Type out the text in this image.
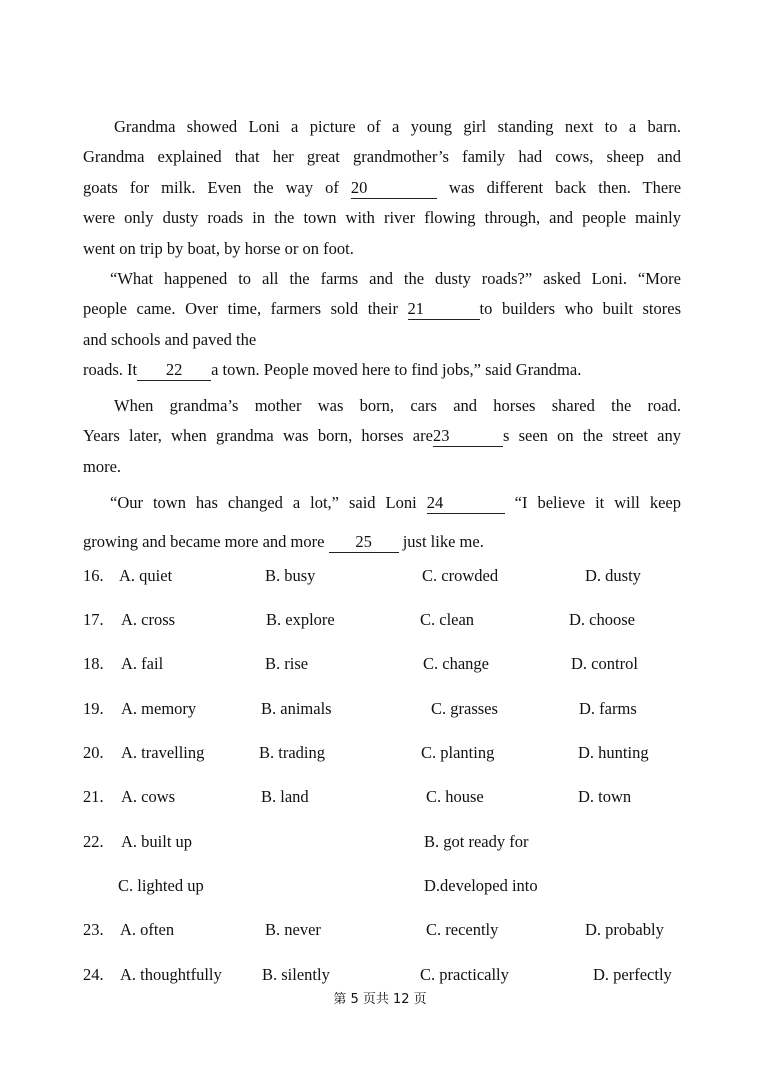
Grandma showed Loni a picture of a young girl standing next to a barn.
Grandma explained that her great grandmother’s family had cows, sheep and
goats for milk. Even the way of 20	was different back then. There
were only dusty roads in the town with river flowing through, and people mainly
went on trip by boat, by horse or on foot.

“What happened to all the farms and the dusty roads?” asked Loni. “More
people came. Over time, farmers sold their 21	to builders who built stores
and schools and paved the
roads. It 22 a town. People moved here to find jobs,” said Grandma.

When grandma’s mother was born, cars and horses shared the road.
Years later, when grandma was born, horses are23	s seen on the street any
more.

“Our town has changed a lot,” said Loni 24	“I believe it will keep
growing and became more and more 25 just like me.

16. A. quiet	B. busy	C. crowded	D. dusty
17. A. cross	B. explore	C. clean	D. choose
18. A. fail	B. rise	C. change	D. control
19. A. memory	B. animals	C. grasses	D. farms
20. A. travelling	B. trading	C. planting	D. hunting
21. A. cows	B. land	C. house	D. town
22. A. built up	B. got ready for
C. lighted up	D.developed into
23. A. often	B. never	C. recently	D. probably
24. A. thoughtfully B. silently	C. practically	D. perfectly
第 5 页共 12 页
